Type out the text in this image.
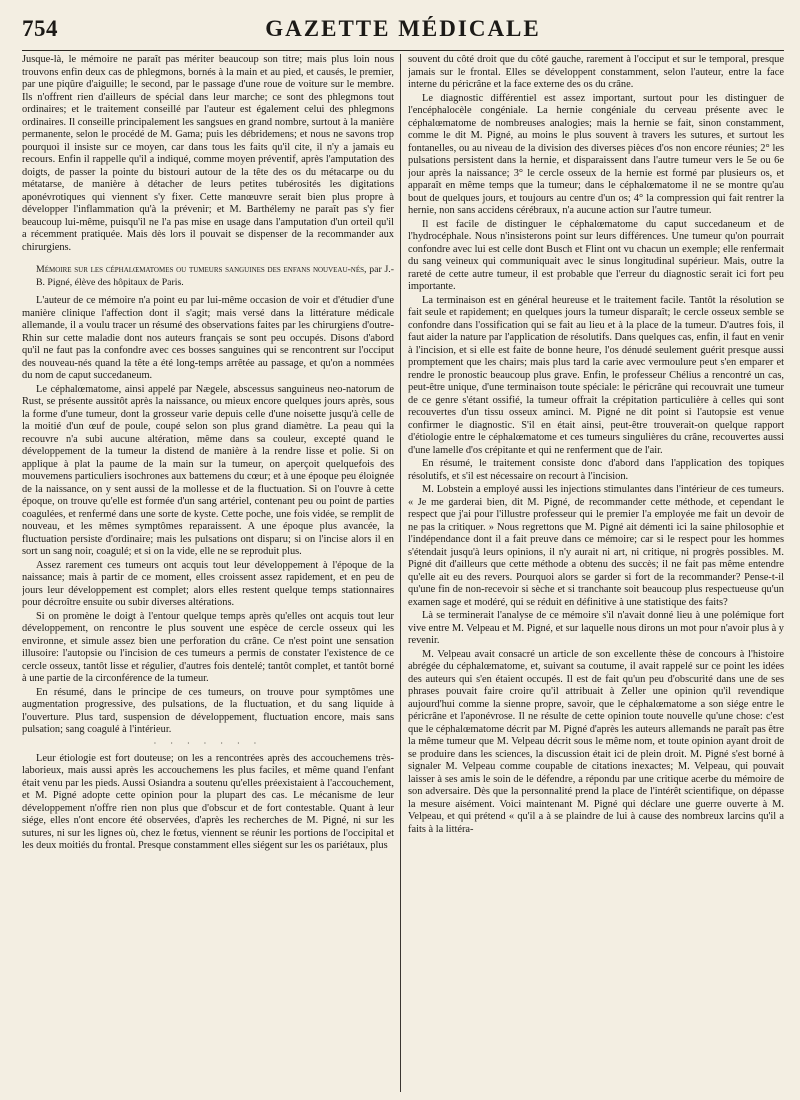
754	GAZETTE MÉDICALE

Jusque-là, le mémoire ne paraît pas mériter beaucoup son titre; mais plus loin nous trouvons enfin deux cas de phlegmons, bornés à la main et au pied, et causés, le premier, par une piqûre d'aiguille; le second, par le passage d'une roue de voiture sur le membre. Ils n'offrent rien d'ailleurs de spécial dans leur marche; ce sont des phlegmons tout ordinaires; et le traitement conseillé par l'auteur est également celui des phlegmons ordinaires. Il conseille principalement les sangsues en grand nombre, surtout à la manière permanente, selon le procédé de M. Gama; puis les débridemens; et nous ne savons trop pourquoi il insiste sur ce moyen, car dans tous les faits qu'il cite, il n'y a jamais eu recours. Enfin il rappelle qu'il a indiqué, comme moyen préventif, après l'amputation des doigts, de passer la pointe du bistouri autour de la tête des os du métacarpe ou du métatarse, de manière à détacher de leurs petites tubérosités les digitations aponévrotiques qui viennent s'y fixer. Cette manœuvre serait bien plus propre à développer l'inflammation qu'à la prévenir; et M. Barthélemy ne paraît pas s'y fier beaucoup lui-même, puisqu'il ne l'a pas mise en usage dans l'amputation d'un orteil qu'il a récemment pratiquée. Mais dès lors il pouvait se dispenser de la recommander aux chirurgiens.

Mémoire sur les céphalœmatomes ou tumeurs sanguines des enfans nouveau-nés, par J.-B. Pigné, élève des hôpitaux de Paris.

L'auteur de ce mémoire n'a point eu par lui-même occasion de voir et d'étudier d'une manière clinique l'affection dont il s'agit; mais versé dans la littérature médicale allemande, il a voulu tracer un résumé des observations faites par les chirurgiens d'outre-Rhin sur cette maladie dont nos auteurs français se sont peu occupés. Disons d'abord qu'il ne faut pas la confondre avec ces bosses sanguines qui se rencontrent sur l'occiput des nouveau-nés quand la tête a été long-temps arrêtée au passage, et qu'on a nommées du nom de caput succedaneum.

Le céphalœmatome, ainsi appelé par Nægele, abscessus sanguineus neo-natorum de Rust, se présente aussitôt après la naissance, ou mieux encore quelques jours après, sous la forme d'une tumeur, dont la grosseur varie depuis celle d'une noisette jusqu'à celle de la moitié d'un œuf de poule, coupé selon son plus grand diamètre. La peau qui la recouvre n'a subi aucune altération, même dans sa couleur, excepté quand le développement de la tumeur la distend de manière à la rendre lisse et polie. Si on applique à plat la paume de la main sur la tumeur, on aperçoit quelquefois des mouvemens particuliers isochrones aux battemens du cœur; et à une époque peu éloignée de la naissance, on y sent aussi de la mollesse et de la fluctuation. Si on l'ouvre à cette époque, on trouve qu'elle est formée d'un sang artériel, contenant peu ou point de parties coagulées, et renfermé dans une sorte de kyste. Cette poche, une fois vidée, se remplit de nouveau, et les mêmes symptômes reparaissent. A une époque plus avancée, la fluctuation persiste d'ordinaire; mais les pulsations ont disparu; si on l'incise alors il en sort un sang noir, coagulé; et si on la vide, elle ne se reproduit plus.

Assez rarement ces tumeurs ont acquis tout leur développement à l'époque de la naissance; mais à partir de ce moment, elles croissent assez rapidement, et en peu de jours leur développement est complet; alors elles restent quelque temps stationnaires pour décroître ensuite ou subir diverses altérations.

Si on promène le doigt à l'entour quelque temps après qu'elles ont acquis tout leur développement, on rencontre le plus souvent une espèce de cercle osseux qui les environne, et simule assez bien une perforation du crâne. Ce n'est point une sensation illusoire: l'autopsie ou l'incision de ces tumeurs a permis de constater l'existence de ce cercle osseux, tantôt lisse et régulier, d'autres fois dentelé; tantôt complet, et tantôt borné à une partie de la circonférence de la tumeur.

En résumé, dans le principe de ces tumeurs, on trouve pour symptômes une augmentation progressive, des pulsations, de la fluctuation, et du sang liquide à l'ouverture. Plus tard, suspension de développement, fluctuation encore, mais sans pulsation; sang coagulé à l'intérieur.

· · · · · · ·

Leur étiologie est fort douteuse; on les a rencontrées après des accouchemens très-laborieux, mais aussi après les accouchemens les plus faciles, et même quand l'enfant était venu par les pieds. Aussi Osiandra a soutenu qu'elles préexistaient à l'accouchement, et M. Pigné adopte cette opinion pour la plupart des cas. Le mécanisme de leur développement n'offre rien non plus que d'obscur et de fort contestable. Quant à leur siége, elles n'ont encore été observées, d'après les recherches de M. Pigné, ni sur les sutures, ni sur les lignes où, chez le fœtus, viennent se réunir les portions de l'occipital et les deux moitiés du frontal. Presque constamment elles siégent sur les os pariétaux, plus

souvent du côté droit que du côté gauche, rarement à l'occiput et sur le temporal, presque jamais sur le frontal. Elles se développent constamment, selon l'auteur, entre la face interne du péricrâne et la face externe des os du crâne.

Le diagnostic différentiel est assez important, surtout pour les distinguer de l'encéphalocèle congéniale. La hernie congéniale du cerveau présente avec le céphalœmatome de nombreuses analogies; mais la hernie se fait, sinon constamment, comme le dit M. Pigné, au moins le plus souvent à travers les sutures, et surtout les fontanelles, ou au niveau de la division des diverses pièces d'os non encore réunies; 2° les pulsations persistent dans la hernie, et disparaissent dans l'autre tumeur vers le 5e ou 6e jour après la naissance; 3° le cercle osseux de la hernie est formé par plusieurs os, et apparaît en même temps que la tumeur; dans le céphalœmatome il ne se montre qu'au bout de quelques jours, et toujours au centre d'un os; 4° la compression qui fait rentrer la hernie, non sans accidens cérébraux, n'a aucune action sur l'autre tumeur.

Il est facile de distinguer le céphalœmatome du caput succedaneum et de l'hydrocéphale. Nous n'insisterons point sur leurs différences. Une tumeur qu'on pourrait confondre avec lui est celle dont Busch et Flint ont vu chacun un exemple; elle renfermait du sang veineux qui communiquait avec le sinus longitudinal supérieur. Mais, outre la rareté de cette autre tumeur, il est probable que l'erreur du diagnostic serait ici fort peu importante.

La terminaison est en général heureuse et le traitement facile. Tantôt la résolution se fait seule et rapidement; en quelques jours la tumeur disparaît; le cercle osseux semble se confondre dans l'ossification qui se fait au lieu et à la place de la tumeur. D'autres fois, il faut aider la nature par l'application de résolutifs. Dans quelques cas, enfin, il faut en venir à l'incision, et si elle est faite de bonne heure, l'os dénudé seulement guérit presque aussi promptement que les chairs; mais plus tard la carie avec vermoulure peut s'en emparer et rendre le pronostic beaucoup plus grave. Enfin, le professeur Chélius a rencontré un cas, peut-être unique, d'une terminaison toute spéciale: le péricrâne qui recouvrait une tumeur de ce genre s'étant ossifié, la tumeur offrait la crépitation particulière à celles qui sont recouvertes d'un tissu osseux aminci. M. Pigné ne dit point si l'autopsie est venue confirmer le diagnostic. S'il en était ainsi, peut-être trouverait-on quelque rapport d'étiologie entre le céphalœmatome et ces tumeurs singulières du crâne, recouvertes aussi d'une lamelle d'os crépitante et qui ne renferment que de l'air.

En résumé, le traitement consiste donc d'abord dans l'application des topiques résolutifs, et s'il est nécessaire on recourt à l'incision.

M. Lobstein a employé aussi les injections stimulantes dans l'intérieur de ces tumeurs. « Je me garderai bien, dit M. Pigné, de recommander cette méthode, et cependant le respect que j'ai pour l'illustre professeur qui le premier l'a employée me fait un devoir de ne pas la critiquer. » Nous regrettons que M. Pigné ait démenti ici la saine philosophie et l'indépendance dont il a fait preuve dans ce mémoire; car si le respect pour les hommes s'étendait jusqu'à leurs opinions, il n'y aurait ni art, ni critique, ni progrès possibles. M. Pigné dit d'ailleurs que cette méthode a obtenu des succès; il ne fait pas même entendre qu'elle ait eu des revers. Pourquoi alors se garder si fort de la recommander? Pense-t-il qu'une fin de non-recevoir si sèche et si tranchante soit beaucoup plus respectueuse qu'un examen sage et modéré, qui se réduit en définitive à une statistique des faits?

Là se terminerait l'analyse de ce mémoire s'il n'avait donné lieu à une polémique fort vive entre M. Velpeau et M. Pigné, et sur laquelle nous dirons un mot pour n'avoir plus à y revenir.

M. Velpeau avait consacré un article de son excellente thèse de concours à l'histoire abrégée du céphalœmatome, et, suivant sa coutume, il avait rappelé sur ce point les idées des auteurs qui s'en étaient occupés. Il est de fait qu'un peu d'obscurité dans une de ses phrases pouvait faire croire qu'il attribuait à Zeller une opinion qu'il revendique aujourd'hui comme la sienne propre, savoir, que le céphalœmatome a son siége entre le péricrâne et l'aponévrose. Il ne résulte de cette opinion toute nouvelle qu'une chose: c'est que le céphalœmatome décrit par M. Pigné d'après les auteurs allemands ne paraît pas être la même tumeur que M. Velpeau décrit sous le même nom, et toute opinion ayant droit de se produire dans les sciences, la discussion était ici de plein droit. M. Pigné s'est borné à signaler M. Velpeau comme coupable de citations inexactes; M. Velpeau, qui pouvait laisser à ses amis le soin de le défendre, a répondu par une critique acerbe du mémoire de son adversaire. Dès que la personnalité prend la place de l'intérêt scientifique, on dépasse la mesure aisément. Voici maintenant M. Pigné qui déclare une guerre ouverte à M. Velpeau, et qui prétend « qu'il a à se plaindre de lui à cause des nombreux larcins qu'il a faits à la littéra-
